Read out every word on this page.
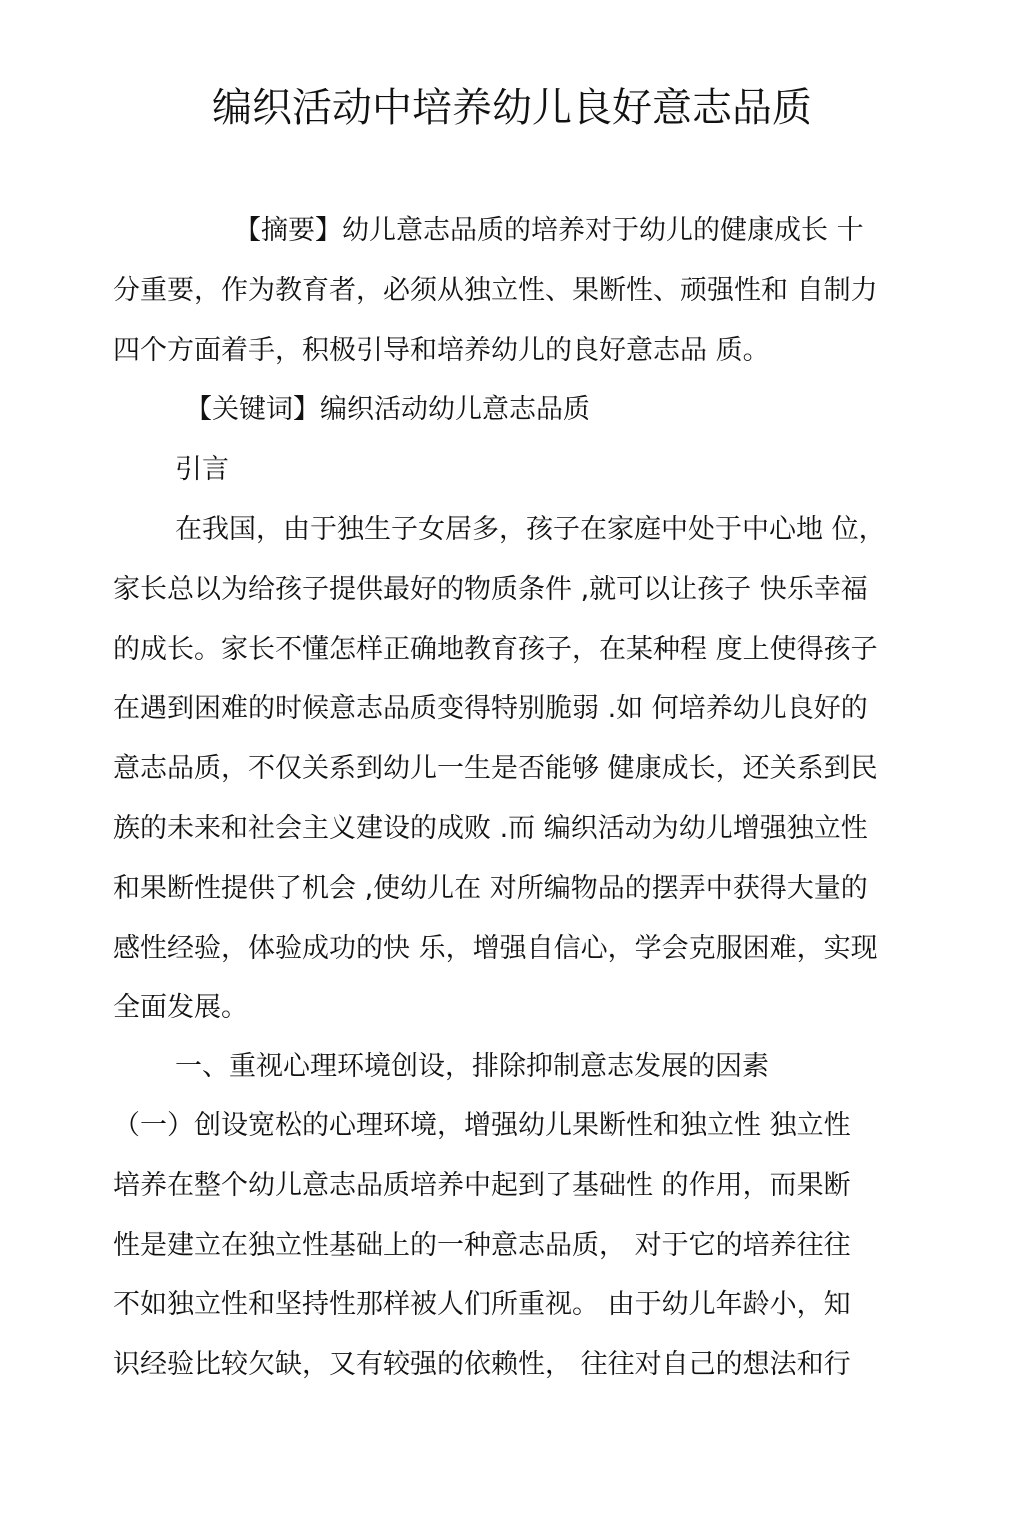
编织活动中培养幼儿良好意志品质
【摘要】幼儿意志品质的培养对于幼儿的健康成长 十
分重要，作为教育者，必须从独立性、果断性、顽强性和 自制力
四个方面着手，积极引导和培养幼儿的良好意志品 质。
【关键词】编织活动幼儿意志品质
引言
在我国，由于独生子女居多，孩子在家庭中处于中心地 位，
家长总以为给孩子提供最好的物质条件 ,就可以让孩子 快乐幸福
的成长。家长不懂怎样正确地教育孩子，在某种程 度上使得孩子
在遇到困难的时候意志品质变得特别脆弱 .如 何培养幼儿良好的
意志品质，不仅关系到幼儿一生是否能够 健康成长，还关系到民
族的未来和社会主义建设的成败 .而 编织活动为幼儿增强独立性
和果断性提供了机会 ,使幼儿在 对所编物品的摆弄中获得大量的
感性经验，体验成功的快 乐，增强自信心，学会克服困难，实现
全面发展。
一、重视心理环境创设，排除抑制意志发展的因素
（一）创设宽松的心理环境，增强幼儿果断性和独立性 独立性
培养在整个幼儿意志品质培养中起到了基础性 的作用，而果断
性是建立在独立性基础上的一种意志品质， 对于它的培养往往
不如独立性和坚持性那样被人们所重视。 由于幼儿年龄小，知
识经验比较欠缺，又有较强的依赖性， 往往对自己的想法和行
